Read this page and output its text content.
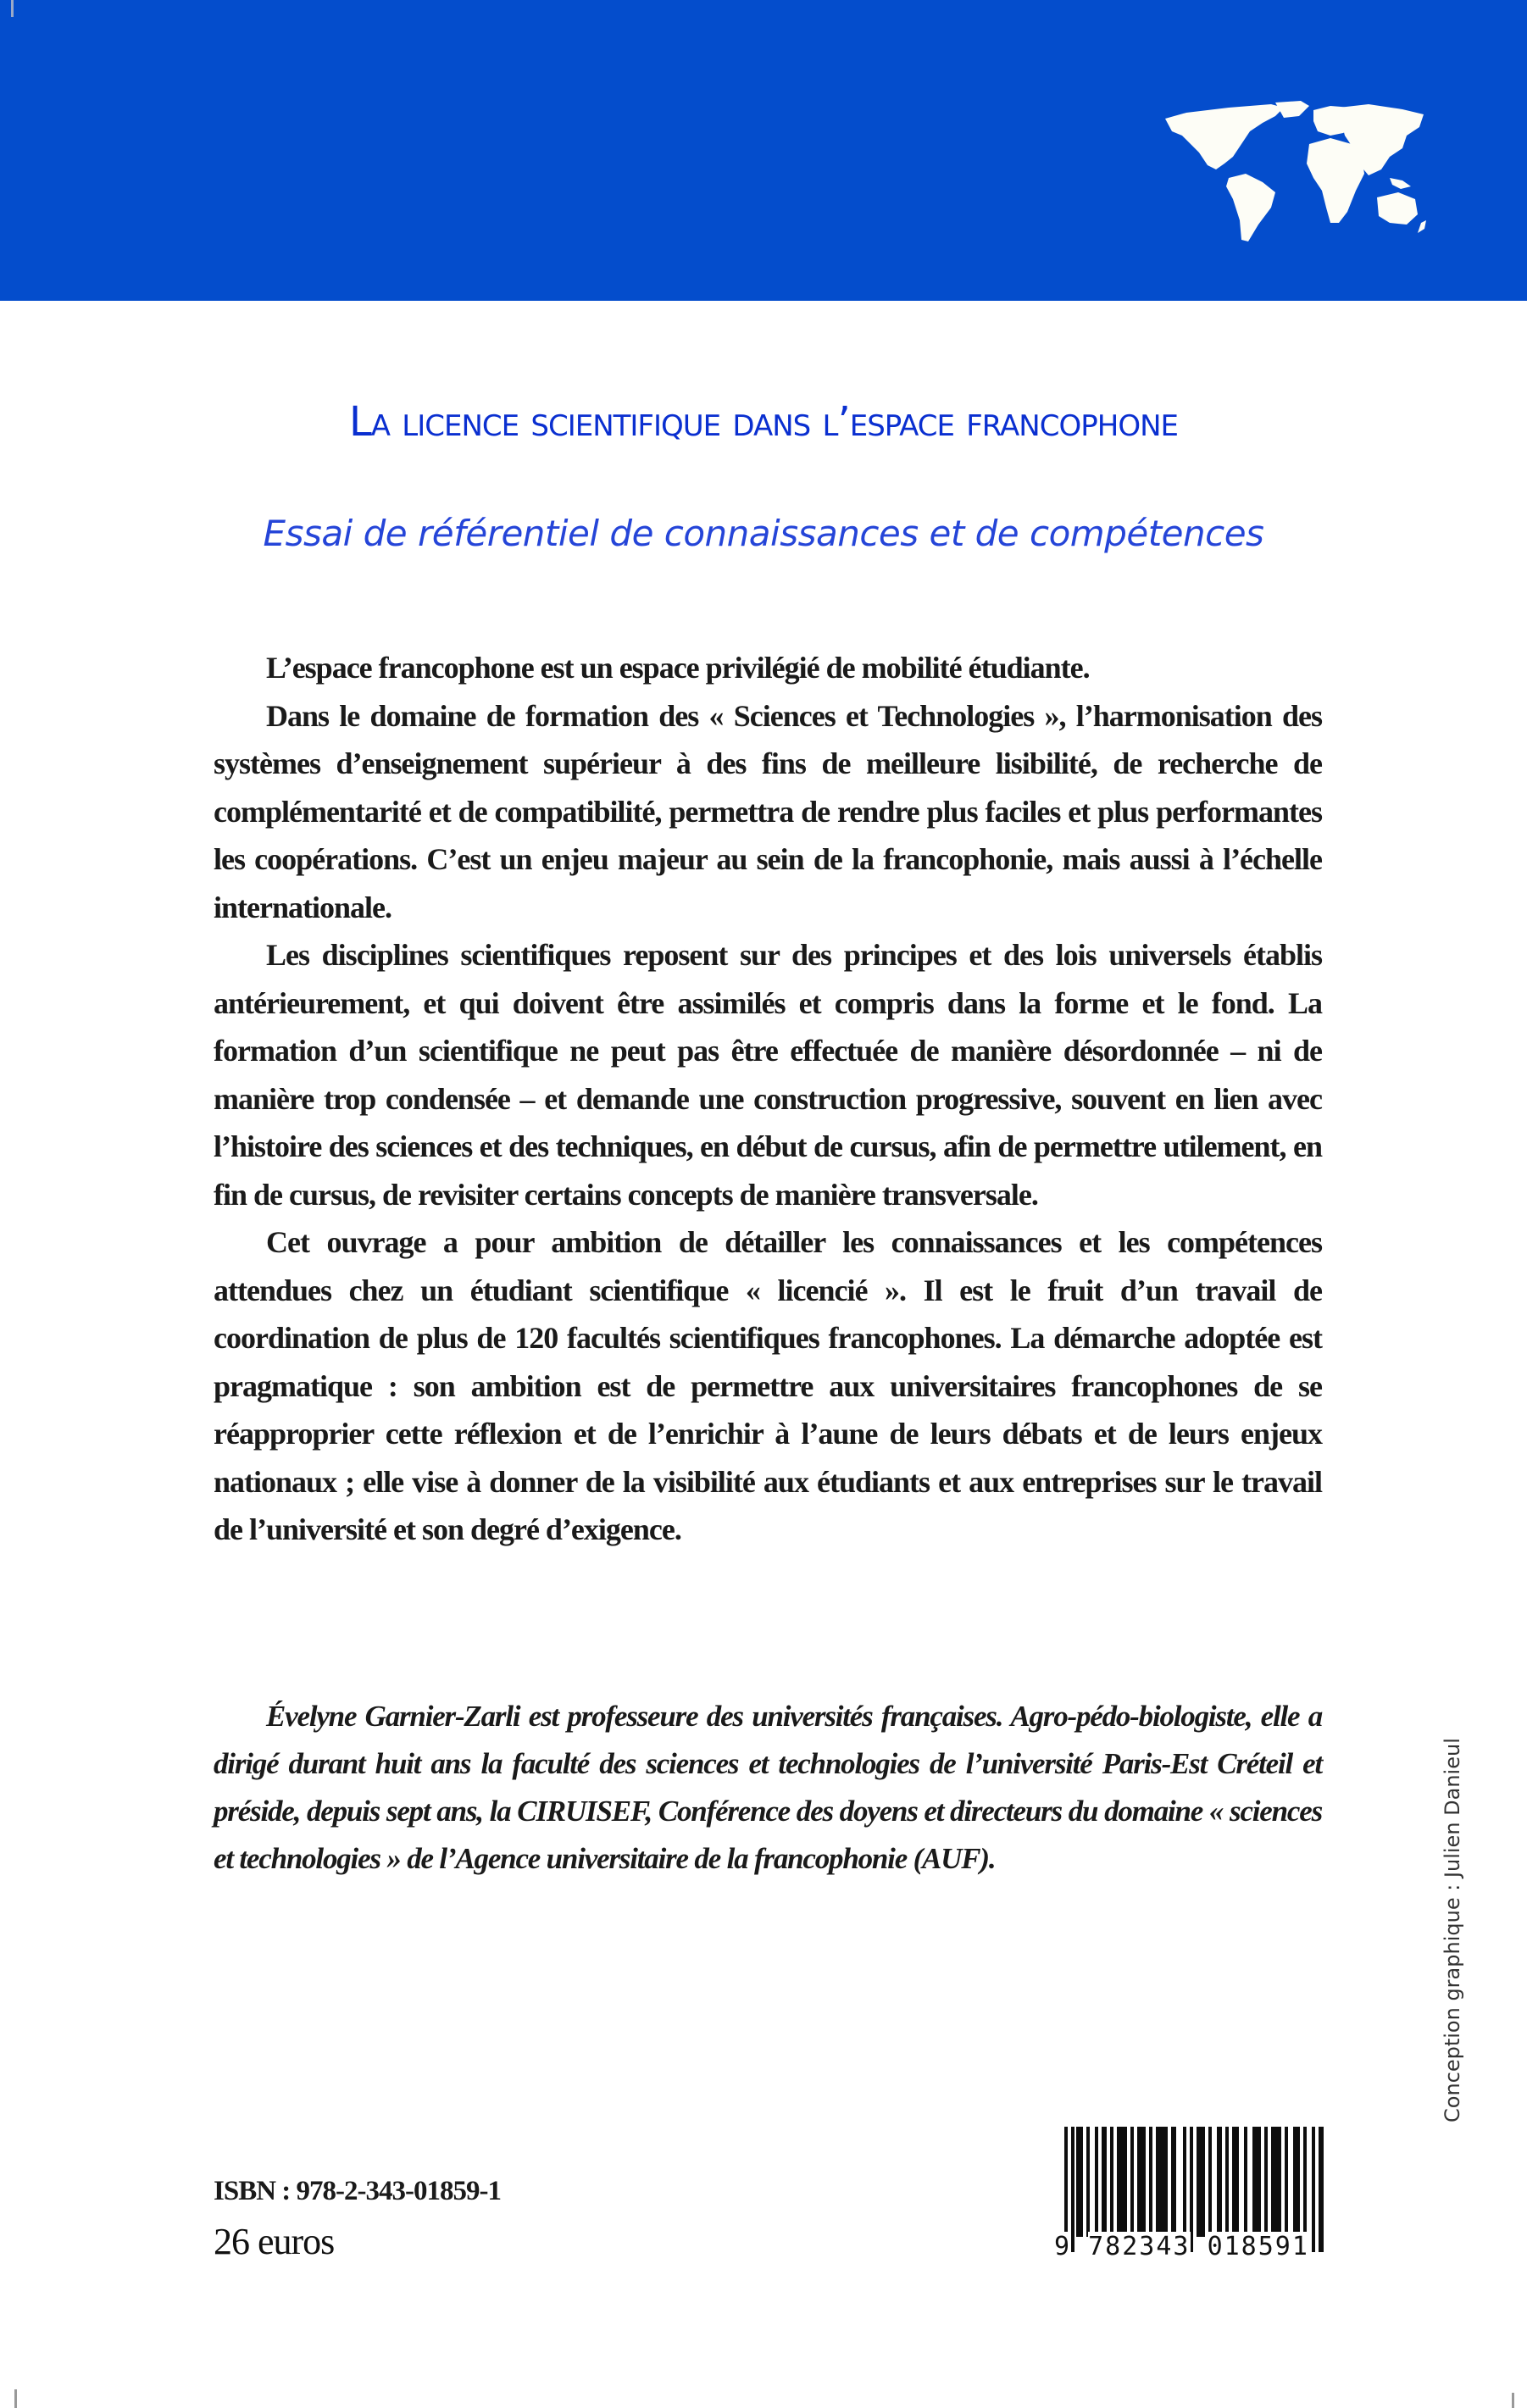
La licence scientifique dans l’espace francophone
Essai de référentiel de connaissances et de compétences

L’espace francophone est un espace privilégié de mobilité étudiante.

Dans le domaine de formation des « Sciences et Technologies », l’harmonisation des systèmes d’enseignement supérieur à des fins de meilleure lisibilité, de recherche de complémentarité et de compatibilité, permettra de rendre plus faciles et plus performantes les coopérations. C’est un enjeu majeur au sein de la francophonie, mais aussi à l’échelle internationale.

Les disciplines scientifiques reposent sur des principes et des lois universels établis antérieurement, et qui doivent être assimilés et compris dans la forme et le fond. La formation d’un scientifique ne peut pas être effectuée de manière désordonnée – ni de manière trop condensée – et demande une construction progressive, souvent en lien avec l’histoire des sciences et des techniques, en début de cursus, afin de permettre utilement, en fin de cursus, de revisiter certains concepts de manière transversale.

Cet ouvrage a pour ambition de détailler les connaissances et les compétences attendues chez un étudiant scientifique « licencié ». Il est le fruit d’un travail de coordination de plus de 120 facultés scientifiques francophones. La démarche adoptée est pragmatique : son ambition est de permettre aux universitaires francophones de se réapproprier cette réflexion et de l’enrichir à l’aune de leurs débats et de leurs enjeux nationaux ; elle vise à donner de la visibilité aux étudiants et aux entreprises sur le travail de l’université et son degré d’exigence.

Évelyne Garnier-Zarli est professeure des universités françaises. Agro-pédo-biologiste, elle a dirigé durant huit ans la faculté des sciences et technologies de l’université Paris-Est Créteil et préside, depuis sept ans, la CIRUISEF, Conférence des doyens et directeurs du domaine « sciences et technologies » de l’Agence universitaire de la francophonie (AUF).	Conception graphique : Julien Danieul
ISBN : 978-2-343-01859-1
26 euros	9 782343 018591
